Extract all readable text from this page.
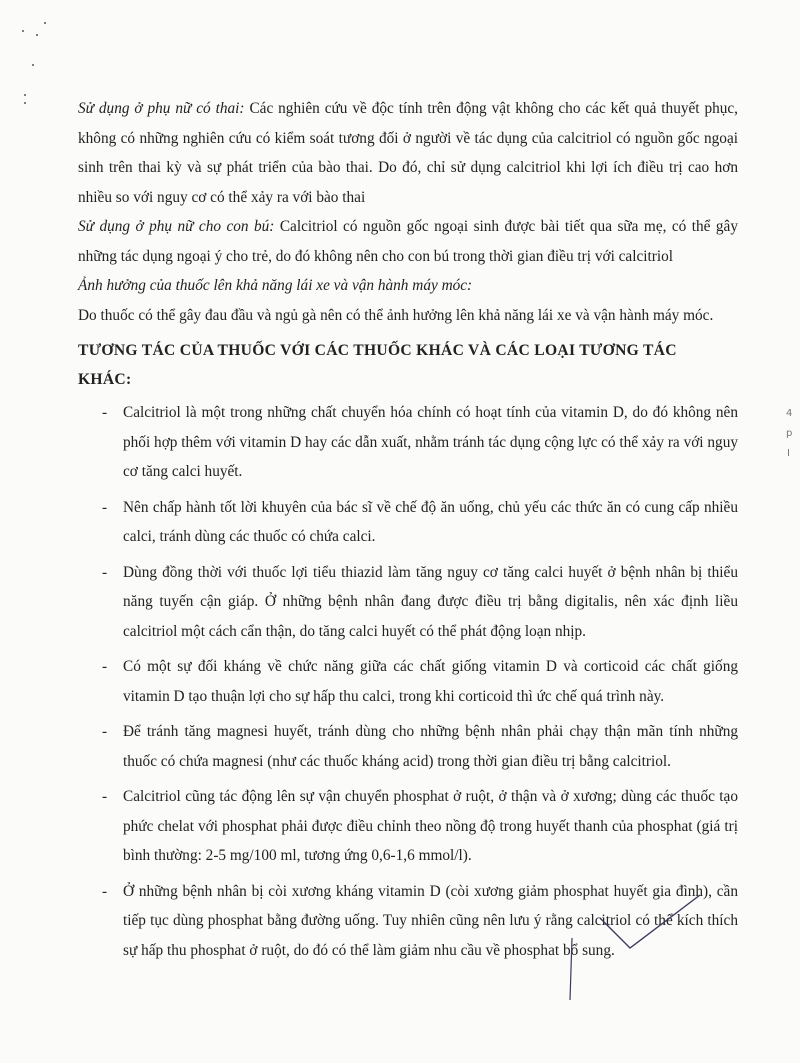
4
p
I

Sử dụng ở phụ nữ có thai: Các nghiên cứu về độc tính trên động vật không cho các kết quả thuyết phục, không có những nghiên cứu có kiểm soát tương đối ở người về tác dụng của calcitriol có nguồn gốc ngoại sinh trên thai kỳ và sự phát triển của bào thai. Do đó, chỉ sử dụng calcitriol khi lợi ích điều trị cao hơn nhiều so với nguy cơ có thể xảy ra với bào thai

Sử dụng ở phụ nữ cho con bú: Calcitriol có nguồn gốc ngoại sinh được bài tiết qua sữa mẹ, có thể gây những tác dụng ngoại ý cho trẻ, do đó không nên cho con bú trong thời gian điều trị với calcitriol

Ảnh hưởng của thuốc lên khả năng lái xe và vận hành máy móc:

Do thuốc có thể gây đau đầu và ngủ gà nên có thể ảnh hưởng lên khả năng lái xe và vận hành máy móc.

TƯƠNG TÁC CỦA THUỐC VỚI CÁC THUỐC KHÁC VÀ CÁC LOẠI TƯƠNG TÁC
KHÁC:
- Calcitriol là một trong những chất chuyển hóa chính có hoạt tính của vitamin D, do đó không nên phối hợp thêm với vitamin D hay các dẫn xuất, nhằm tránh tác dụng cộng lực có thể xảy ra với nguy cơ tăng calci huyết.
- Nên chấp hành tốt lời khuyên của bác sĩ về chế độ ăn uống, chủ yếu các thức ăn có cung cấp nhiều calci, tránh dùng các thuốc có chứa calci.
- Dùng đồng thời với thuốc lợi tiểu thiazid làm tăng nguy cơ tăng calci huyết ở bệnh nhân bị thiểu năng tuyến cận giáp. Ở những bệnh nhân đang được điều trị bằng digitalis, nên xác định liều calcitriol một cách cẩn thận, do tăng calci huyết có thể phát động loạn nhịp.
- Có một sự đối kháng về chức năng giữa các chất giống vitamin D và corticoid các chất giống vitamin D tạo thuận lợi cho sự hấp thu calci, trong khi corticoid thì ức chế quá trình này.
- Để tránh tăng magnesi huyết, tránh dùng cho những bệnh nhân phải chạy thận mãn tính những thuốc có chứa magnesi (như các thuốc kháng acid) trong thời gian điều trị bằng calcitriol.
- Calcitriol cũng tác động lên sự vận chuyển phosphat ở ruột, ở thận và ở xương; dùng các thuốc tạo phức chelat với phosphat phải được điều chỉnh theo nồng độ trong huyết thanh của phosphat (giá trị bình thường: 2-5 mg/100 ml, tương ứng 0,6-1,6 mmol/l).
- Ở những bệnh nhân bị còi xương kháng vitamin D (còi xương giảm phosphat huyết gia đình), cần tiếp tục dùng phosphat bằng đường uống. Tuy nhiên cũng nên lưu ý rằng calcitriol có thể kích thích sự hấp thu phosphat ở ruột, do đó có thể làm giảm nhu cầu về phosphat bổ sung.
